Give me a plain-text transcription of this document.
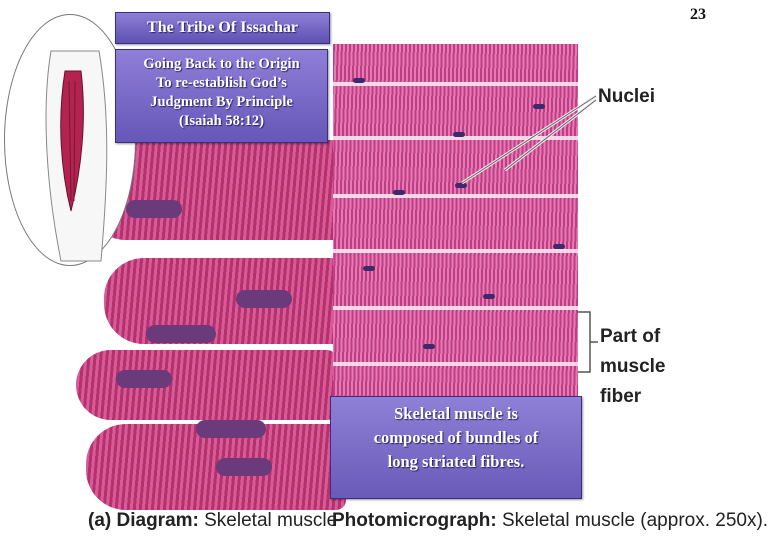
Nuclei
Part of muscle
fiber
The Tribe Of Issachar
Going Back to the Origin
To re-establish God’s
Judgment By Principle
(Isaiah 58:12)
Skeletal muscle is
composed of bundles of
long striated fibres.
23
(a) Diagram: Skeletal muscle
Photomicrograph: Skeletal muscle (approx. 250x).
